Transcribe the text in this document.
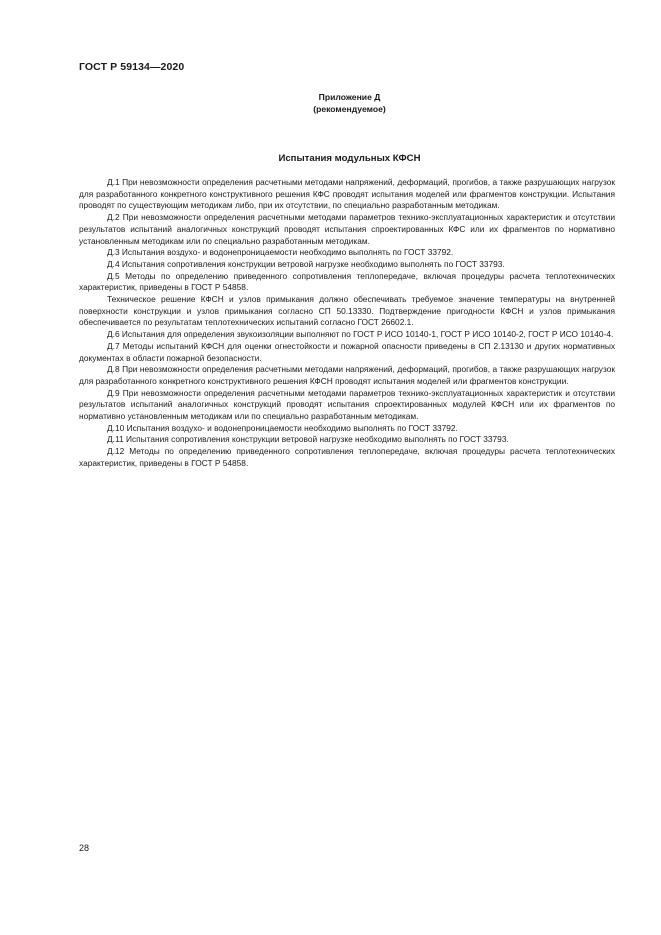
ГОСТ Р 59134—2020
Приложение Д
(рекомендуемое)
Испытания модульных КФСН

Д.1 При невозможности определения расчетными методами напряжений, деформаций, прогибов, а также разрушающих нагрузок для разработанного конкретного конструктивного решения КФС проводят испытания моделей или фрагментов конструкции. Испытания проводят по существующим методикам либо, при их отсутствии, по специально разработанным методикам.

Д.2 При невозможности определения расчетными методами параметров технико-эксплуатационных характеристик и отсутствии результатов испытаний аналогичных конструкций проводят испытания спроектированных КФС или их фрагментов по нормативно установленным методикам или по специально разработанным методикам.

Д.3 Испытания воздухо- и водонепроницаемости необходимо выполнять по ГОСТ 33792.

Д.4 Испытания сопротивления конструкции ветровой нагрузке необходимо выполнять по ГОСТ 33793.

Д.5 Методы по определению приведенного сопротивления теплопередаче, включая процедуры расчета теплотехнических характеристик, приведены в ГОСТ Р 54858.

Техническое решение КФСН и узлов примыкания должно обеспечивать требуемое значение температуры на внутренней поверхности конструкции и узлов примыкания согласно СП 50.13330. Подтверждение пригодности КФСН и узлов примыкания обеспечивается по результатам теплотехнических испытаний согласно ГОСТ 26602.1.

Д.6 Испытания для определения звукоизоляции выполняют по ГОСТ Р ИСО 10140-1, ГОСТ Р ИСО 10140-2, ГОСТ Р ИСО 10140-4.

Д.7 Методы испытаний КФСН для оценки огнестойкости и пожарной опасности приведены в СП 2.13130 и других нормативных документах в области пожарной безопасности.

Д.8 При невозможности определения расчетными методами напряжений, деформаций, прогибов, а также разрушающих нагрузок для разработанного конкретного конструктивного решения КФСН проводят испытания моделей или фрагментов конструкции.

Д.9 При невозможности определения расчетными методами параметров технико-эксплуатационных характеристик и отсутствии результатов испытаний аналогичных конструкций проводят испытания спроектированных модулей КФСН или их фрагментов по нормативно установленным методикам или по специально разработанным методикам.

Д.10 Испытания воздухо- и водонепроницаемости необходимо выполнять по ГОСТ 33792.

Д.11 Испытания сопротивления конструкции ветровой нагрузке необходимо выполнять по ГОСТ 33793.

Д.12 Методы по определению приведенного сопротивления теплопередаче, включая процедуры расчета теплотехнических характеристик, приведены в ГОСТ Р 54858.

28
